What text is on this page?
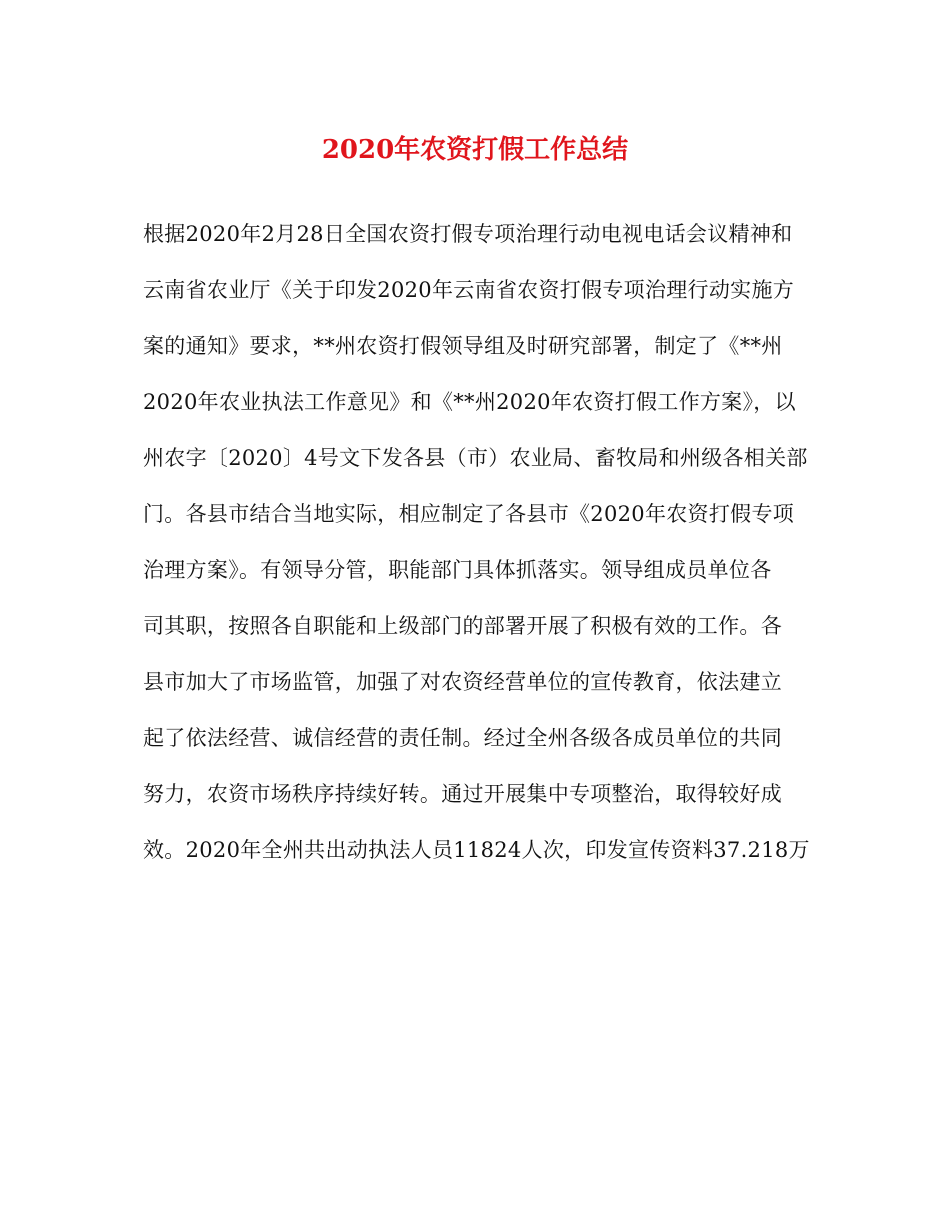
2020年农资打假工作总结
根据2020年2月28日全国农资打假专项治理行动电视电话会议精神和
云南省农业厅《关于印发2020年云南省农资打假专项治理行动实施方
案的通知》要求，**州农资打假领导组及时研究部署，制定了《**州
2020年农业执法工作意见》和《**州2020年农资打假工作方案》，以
州农字〔2020〕4号文下发各县（市）农业局、畜牧局和州级各相关部
门。各县市结合当地实际，相应制定了各县市《2020年农资打假专项
治理方案》。有领导分管，职能部门具体抓落实。领导组成员单位各
司其职，按照各自职能和上级部门的部署开展了积极有效的工作。各
县市加大了市场监管，加强了对农资经营单位的宣传教育，依法建立
起了依法经营、诚信经营的责任制。经过全州各级各成员单位的共同
努力，农资市场秩序持续好转。通过开展集中专项整治，取得较好成
效。2020年全州共出动执法人员11824人次，印发宣传资料37.218万
